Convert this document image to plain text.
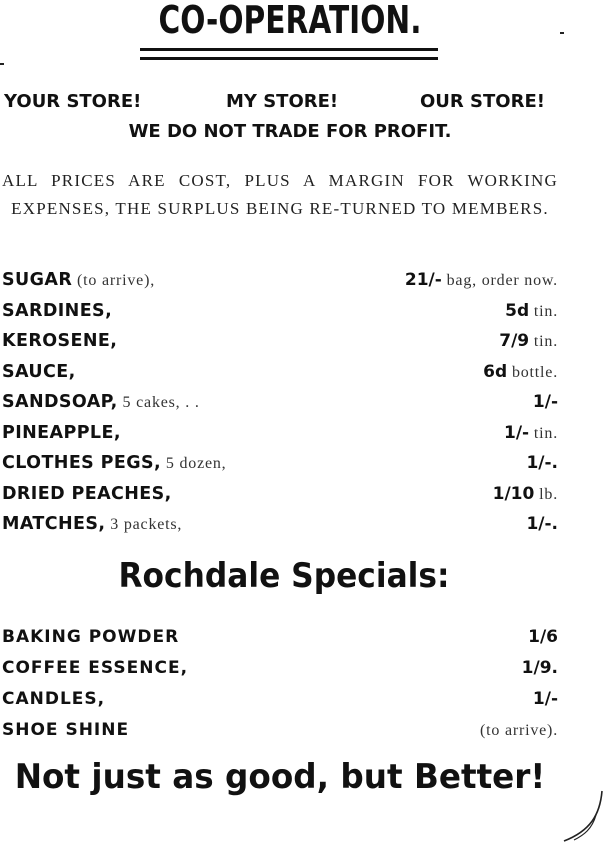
CO-OPERATION.
YOUR STORE!	MY STORE!	OUR STORE!
WE DO NOT TRADE FOR PROFIT.
ALL PRICES ARE COST, PLUS A MARGIN FOR WORKING EXPENSES, THE SURPLUS BEING RE-TURNED TO MEMBERS.
SUGAR (to arrive),	21/- bag, order now.
SARDINES,	5d tin.
KEROSENE,	7/9 tin.
SAUCE,	6d bottle.
SANDSOAP, 5 cakes, . .	1/-
PINEAPPLE,	1/- tin.
CLOTHES PEGS, 5 dozen,	1/-.
DRIED PEACHES,	1/10 lb.
MATCHES, 3 packets,	1/-.
Rochdale Specials:
BAKING POWDER	1/6
COFFEE ESSENCE,	1/9.
CANDLES,	1/-
SHOE SHINE	(to arrive).
Not just as good, but Better!
